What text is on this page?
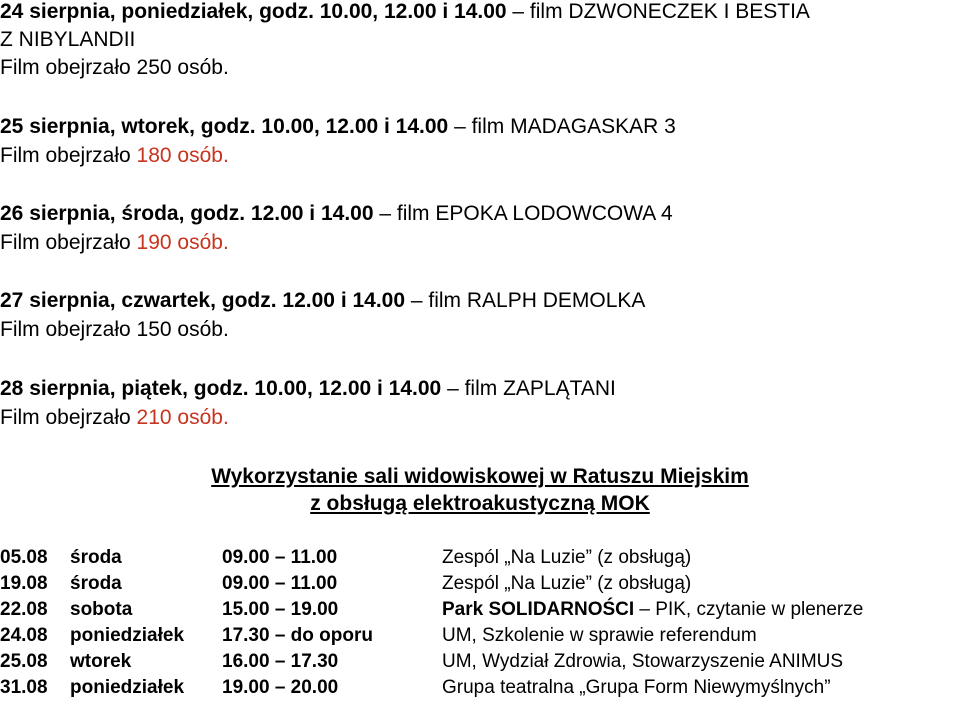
24 sierpnia, poniedziałek, godz. 10.00, 12.00 i 14.00 – film DZWONECZEK I BESTIA
Z NIBYLANDII
Film obejrzało 250 osób.
25 sierpnia, wtorek, godz. 10.00, 12.00 i 14.00 – film MADAGASKAR 3
Film obejrzało 180 osób.
26 sierpnia, środa, godz. 12.00 i 14.00 – film EPOKA LODOWCOWA 4
Film obejrzało 190 osób.
27 sierpnia, czwartek, godz. 12.00 i 14.00 – film RALPH DEMOLKA
Film obejrzało 150 osób.
28 sierpnia, piątek, godz. 10.00, 12.00 i 14.00 – film ZAPLĄTANI
Film obejrzało 210 osób.
Wykorzystanie sali widowiskowej w Ratuszu Miejskim
z obsługą elektroakustyczną MOK
05.08 środa	09.00 – 11.00	Zespól „Na Luzie” (z obsługą)
19.08 środa	09.00 – 11.00	Zespól „Na Luzie” (z obsługą)
22.08 sobota	15.00 – 19.00	Park SOLIDARNOŚCI – PIK, czytanie w plenerze
24.08 poniedziałek 17.30 – do oporu	UM, Szkolenie w sprawie referendum
25.08 wtorek	16.00 – 17.30	UM, Wydział Zdrowia, Stowarzyszenie ANIMUS
31.08 poniedziałek 19.00 – 20.00	Grupa teatralna „Grupa Form Niewymyślnych”
